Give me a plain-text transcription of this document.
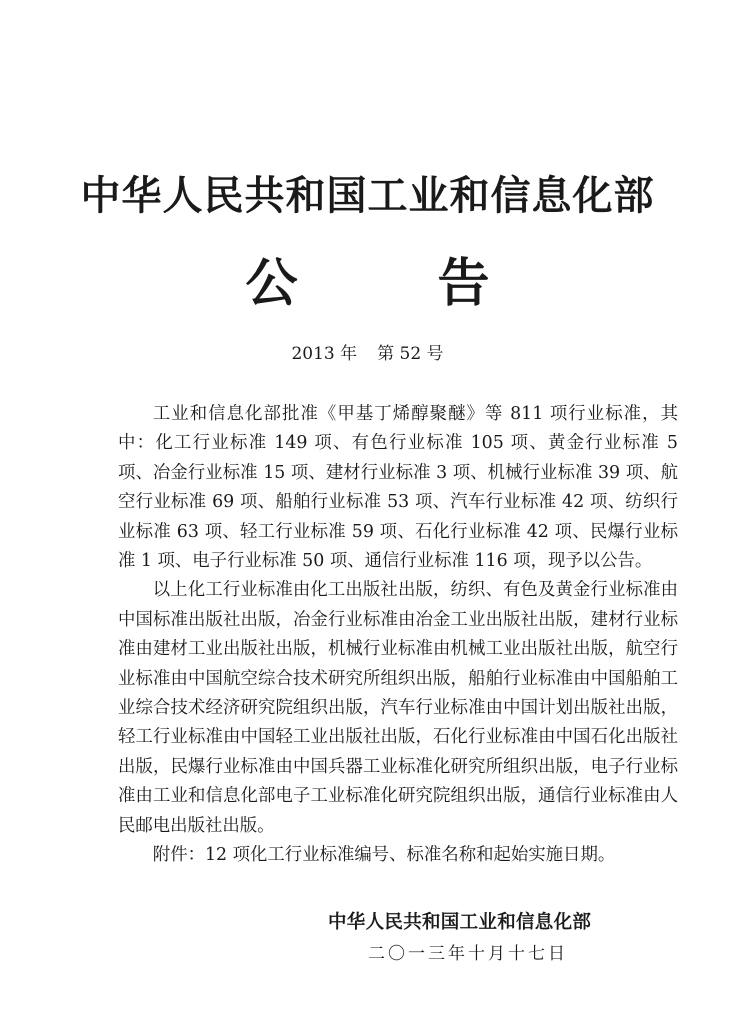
中华人民共和国工业和信息化部
公	告
2013 年 第 52 号

工业和信息化部批准《甲基丁烯醇聚醚》等 811 项行业标准，其中：化工行业标准 149 项、有色行业标准 105 项、黄金行业标准 5 项、冶金行业标准 15 项、建材行业标准 3 项、机械行业标准 39 项、航空行业标准 69 项、船舶行业标准 53 项、汽车行业标准 42 项、纺织行业标准 63 项、轻工行业标准 59 项、石化行业标准 42 项、民爆行业标准 1 项、电子行业标准 50 项、通信行业标准 116 项，现予以公告。

以上化工行业标准由化工出版社出版，纺织、有色及黄金行业标准由中国标准出版社出版，冶金行业标准由冶金工业出版社出版，建材行业标准由建材工业出版社出版，机械行业标准由机械工业出版社出版，航空行业标准由中国航空综合技术研究所组织出版，船舶行业标准由中国船舶工业综合技术经济研究院组织出版，汽车行业标准由中国计划出版社出版，轻工行业标准由中国轻工业出版社出版，石化行业标准由中国石化出版社出版，民爆行业标准由中国兵器工业标准化研究所组织出版，电子行业标准由工业和信息化部电子工业标准化研究院组织出版，通信行业标准由人民邮电出版社出版。

附件：12 项化工行业标准编号、标准名称和起始实施日期。

中华人民共和国工业和信息化部
二〇一三年十月十七日
